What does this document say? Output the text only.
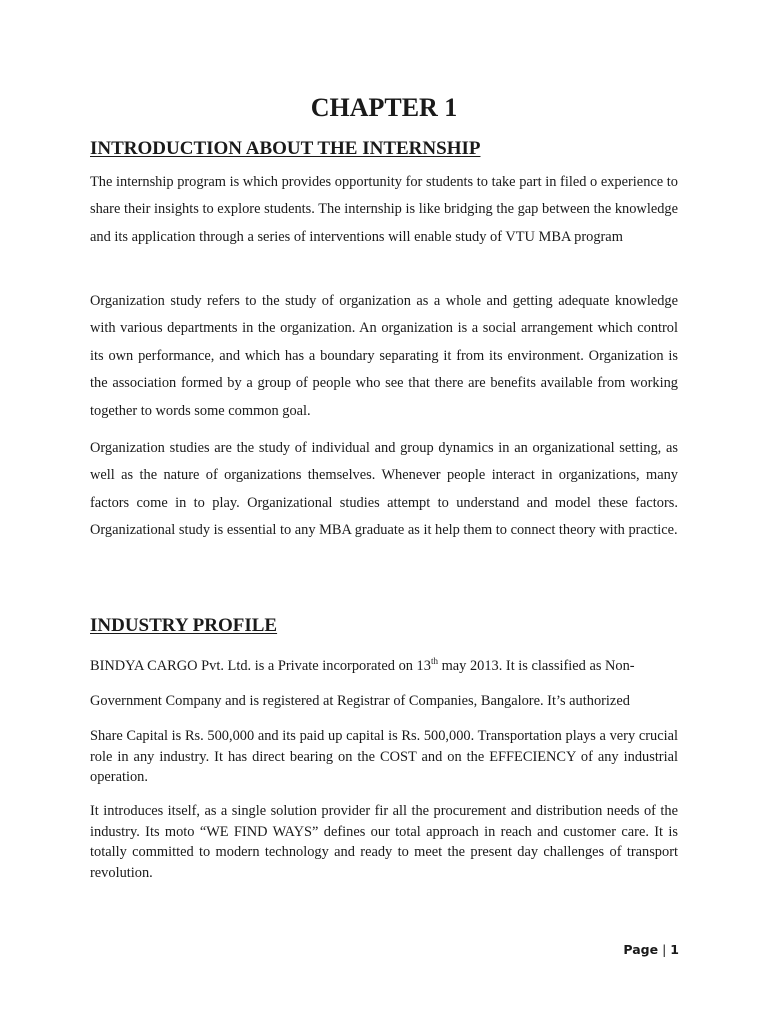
CHAPTER 1
INTRODUCTION ABOUT THE INTERNSHIP

The internship program is which provides opportunity for students to take part in filed o experience to share their insights to explore students. The internship is like bridging the gap between the knowledge and its application through a series of interventions will enable study of VTU MBA program

Organization study refers to the study of organization as a whole and getting adequate knowledge with various departments in the organization. An organization is a social arrangement which control its own performance, and which has a boundary separating it from its environment. Organization is the association formed by a group of people who see that there are benefits available from working together to words some common goal.

Organization studies are the study of individual and group dynamics in an organizational setting, as well as the nature of organizations themselves. Whenever people interact in organizations, many factors come in to play. Organizational studies attempt to understand and model these factors. Organizational study is essential to any MBA graduate as it help them to connect theory with practice.

INDUSTRY PROFILE

BINDYA CARGO Pvt. Ltd. is a Private incorporated on 13th may 2013. It is classified as Non-

Government Company and is registered at Registrar of Companies, Bangalore. It’s authorized

Share Capital is Rs. 500,000 and its paid up capital is Rs. 500,000. Transportation plays a very crucial role in any industry. It has direct bearing on the COST and on the EFFECIENCY of any industrial operation.

It introduces itself, as a single solution provider fir all the procurement and distribution needs of the industry. Its moto “WE FIND WAYS” defines our total approach in reach and customer care. It is totally committed to modern technology and ready to meet the present day challenges of transport revolution.

Page | 1
